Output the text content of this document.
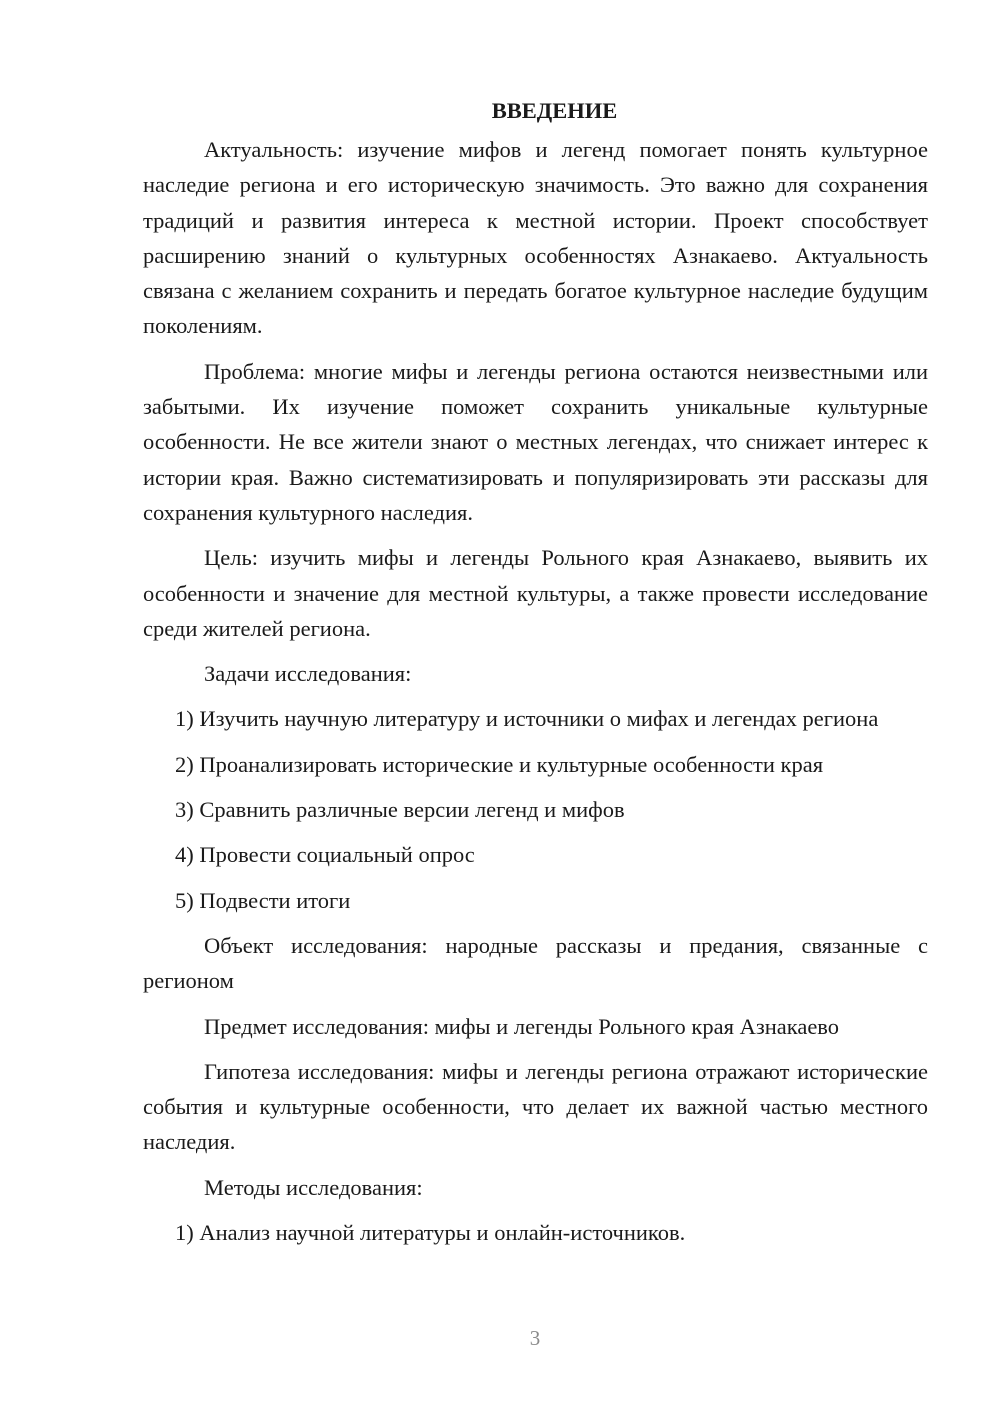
ВВЕДЕНИЕ

Актуальность: изучение мифов и легенд помогает понять культурное наследие региона и его историческую значимость. Это важно для сохранения традиций и развития интереса к местной истории. Проект способствует расширению знаний о культурных особенностях Азнакаево. Актуальность связана с желанием сохранить и передать богатое культурное наследие будущим поколениям.

Проблема: многие мифы и легенды региона остаются неизвестными или забытыми. Их изучение поможет сохранить уникальные культурные особенности. Не все жители знают о местных легендах, что снижает интерес к истории края. Важно систематизировать и популяризировать эти рассказы для сохранения культурного наследия.

Цель: изучить мифы и легенды Рольного края Азнакаево, выявить их особенности и значение для местной культуры, а также провести исследование среди жителей региона.

Задачи исследования:

1) Изучить научную литературу и источники о мифах и легендах региона

2) Проанализировать исторические и культурные особенности края

3) Сравнить различные версии легенд и мифов

4) Провести социальный опрос

5) Подвести итоги

Объект исследования: народные рассказы и предания, связанные с регионом

Предмет исследования: мифы и легенды Рольного края Азнакаево

Гипотеза исследования: мифы и легенды региона отражают исторические события и культурные особенности, что делает их важной частью местного наследия.

Методы исследования:

1) Анализ научной литературы и онлайн-источников.

3
